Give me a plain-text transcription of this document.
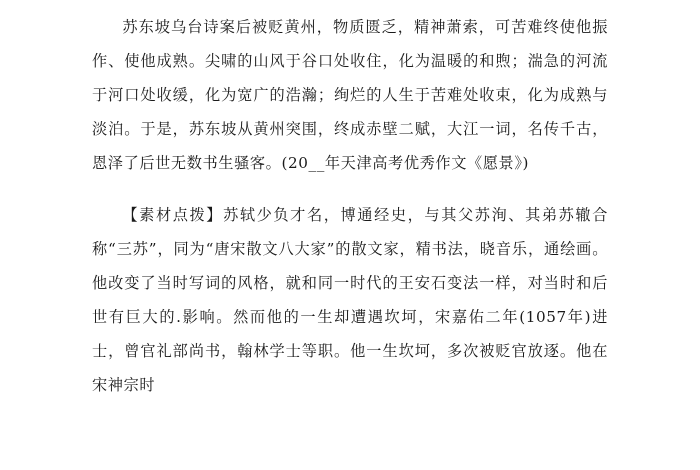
苏东坡乌台诗案后被贬黄州，物质匮乏，精神萧索，可苦难终使他振作、使他成熟。尖啸的山风于谷口处收住，化为温暖的和煦；湍急的河流于河口处收缓，化为宽广的浩瀚；绚烂的人生于苦难处收束，化为成熟与淡泊。于是，苏东坡从黄州突围，终成赤壁二赋，大江一词，名传千古，恩泽了后世无数书生骚客。(20__年天津高考优秀作文《愿景》)

【素材点拨】苏轼少负才名，博通经史，与其父苏洵、其弟苏辙合称“三苏”，同为“唐宋散文八大家”的散文家，精书法，晓音乐，通绘画。他改变了当时写词的风格，就和同一时代的王安石变法一样，对当时和后世有巨大的.影响。然而他的一生却遭遇坎坷，宋嘉佑二年(1057年)进士，曾官礼部尚书，翰林学士等职。他一生坎坷，多次被贬官放逐。他在宋神宗时
